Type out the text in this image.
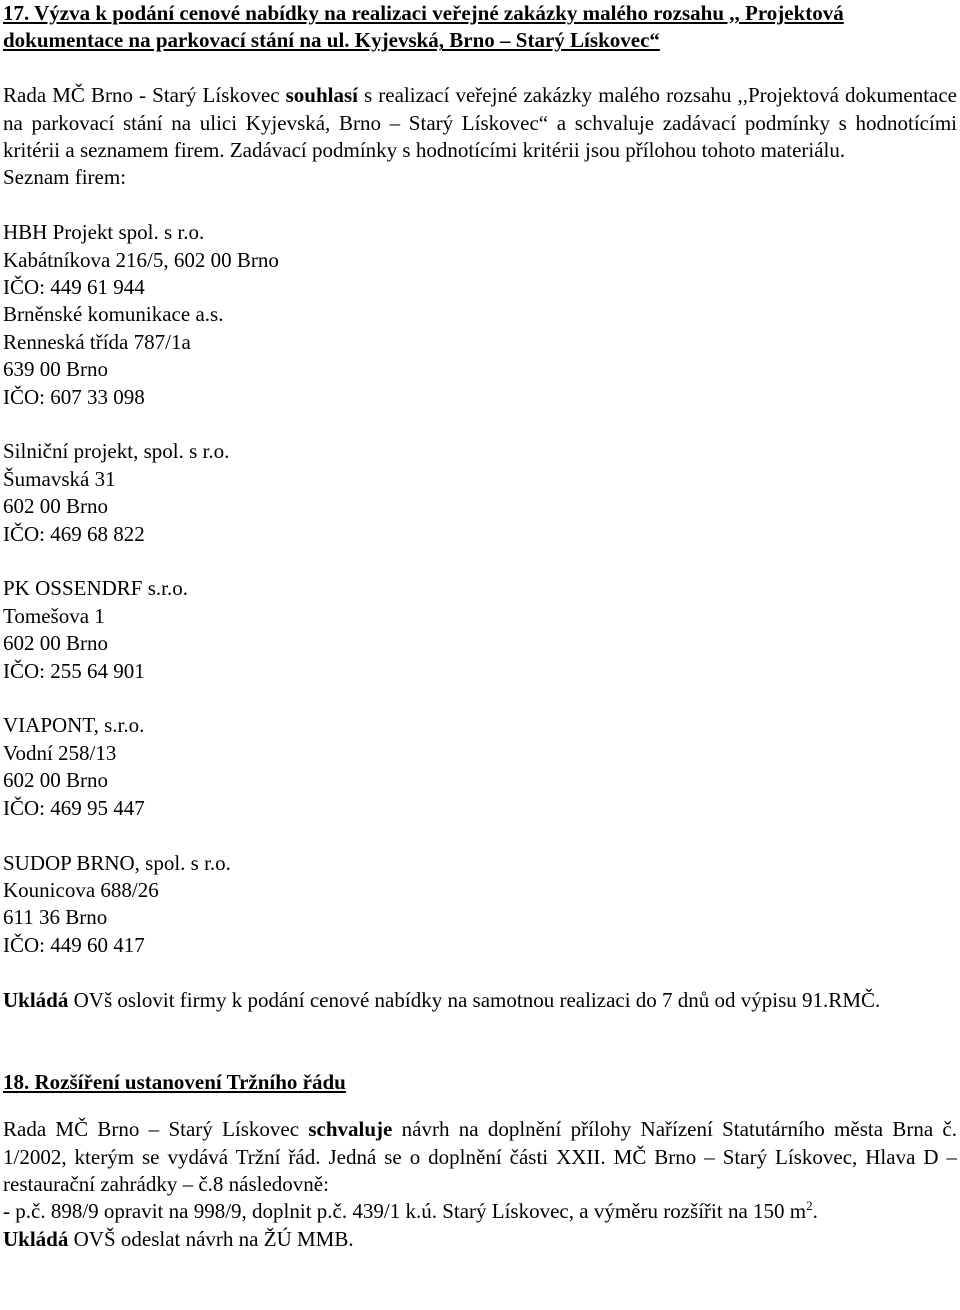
17. Výzva k podání cenové nabídky na realizaci veřejné zakázky malého rozsahu ,, Projektová
dokumentace na parkovací stání na ul. Kyjevská, Brno – Starý Lískovec“
Rada MČ Brno - Starý Lískovec souhlasí s realizací veřejné zakázky malého rozsahu ,,Projektová dokumentace na parkovací stání na ulici Kyjevská, Brno – Starý Lískovec“ a schvaluje zadávací podmínky s hodnotícími kritérii a seznamem firem. Zadávací podmínky s hodnotícími kritérii jsou přílohou tohoto materiálu.
Seznam firem:
HBH Projekt spol. s r.o.
Kabátníkova 216/5, 602 00 Brno
IČO: 449 61 944
Brněnské komunikace a.s.
Renneská třída 787/1a
639 00 Brno
IČO: 607 33 098
Silniční projekt, spol. s r.o.
Šumavská 31
602 00 Brno
IČO: 469 68 822
PK OSSENDRF s.r.o.
Tomešova 1
602 00 Brno
IČO: 255 64 901
VIAPONT, s.r.o.
Vodní 258/13
602 00 Brno
IČO: 469 95 447
SUDOP BRNO, spol. s r.o.
Kounicova 688/26
611 36 Brno
IČO: 449 60 417
Ukládá OVš oslovit firmy k podání cenové nabídky na samotnou realizaci do 7 dnů od výpisu 91.RMČ.
18. Rozšíření ustanovení Tržního řádu
Rada MČ Brno – Starý Lískovec schvaluje návrh na doplnění přílohy Nařízení Statutárního města Brna č. 1/2002, kterým se vydává Tržní řád. Jedná se o doplnění části XXII. MČ Brno – Starý Lískovec, Hlava D – restaurační zahrádky – č.8 následovně:
- p.č. 898/9 opravit na 998/9, doplnit p.č. 439/1 k.ú. Starý Lískovec, a výměru rozšířit na 150 $m^2$.
Ukládá OVŠ odeslat návrh na ŽÚ MMB.
